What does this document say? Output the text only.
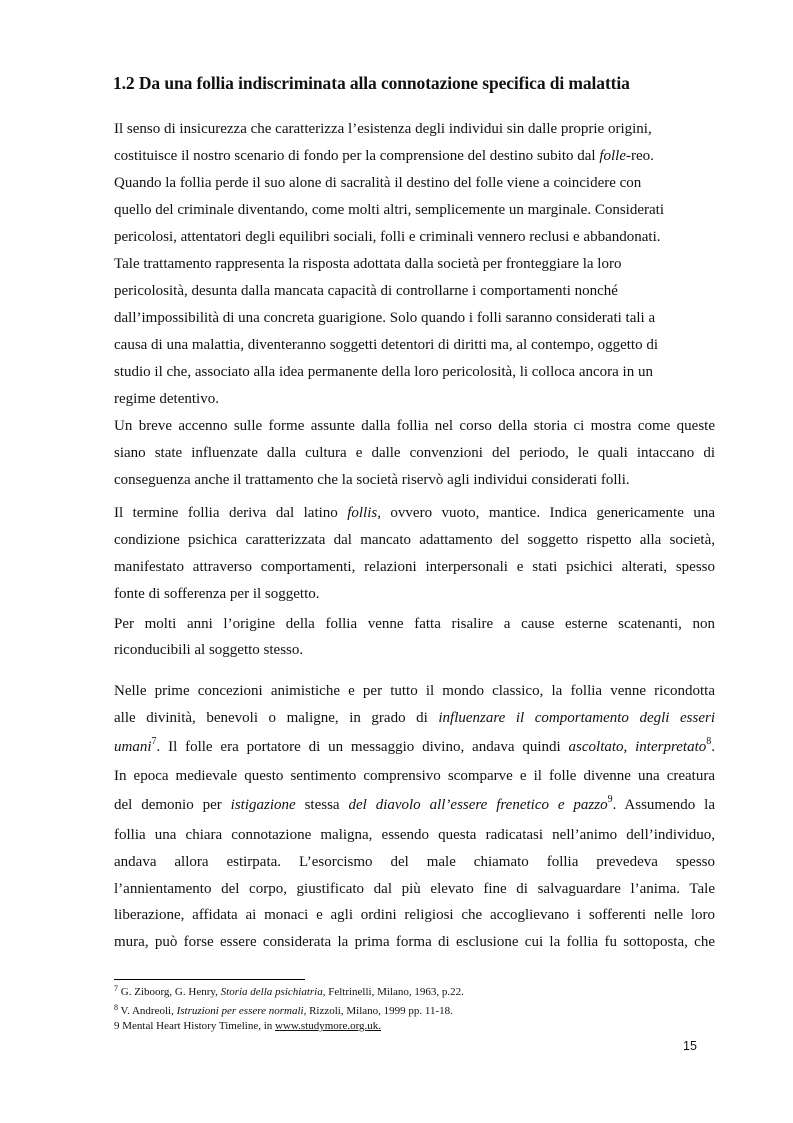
1.2 Da una follia indiscriminata alla connotazione specifica di malattia
Il senso di insicurezza che caratterizza l’esistenza degli individui sin dalle proprie origini,
costituisce il nostro scenario di fondo per la comprensione del destino subito dal folle-reo.
Quando la follia perde il suo alone di sacralità il destino del folle viene a coincidere con
quello del criminale diventando, come molti altri, semplicemente un marginale. Considerati
pericolosi, attentatori degli equilibri sociali, folli e criminali vennero reclusi e abbandonati.
Tale trattamento rappresenta la risposta adottata dalla società per fronteggiare la loro
pericolosità, desunta dalla mancata capacità di controllarne i comportamenti nonché
dall’impossibilità di una concreta guarigione. Solo quando i folli saranno considerati tali a
causa di una malattia, diventeranno soggetti detentori di diritti ma, al contempo, oggetto di
studio il che, associato alla idea permanente della loro pericolosità, li colloca ancora in un
regime detentivo.
Un breve accenno sulle forme assunte dalla follia nel corso della storia ci mostra come queste
siano state influenzate dalla cultura e dalle convenzioni del periodo, le quali intaccano di
conseguenza anche il trattamento che la società riservò agli individui considerati folli.
Il termine follia deriva dal latino follis, ovvero vuoto, mantice. Indica genericamente una
condizione psichica caratterizzata dal mancato adattamento del soggetto rispetto alla società,
manifestato attraverso comportamenti, relazioni interpersonali e stati psichici alterati, spesso
fonte di sofferenza per il soggetto.
Per molti anni l’origine della follia venne fatta risalire a cause esterne scatenanti, non
riconducibili al soggetto stesso.
Nelle prime concezioni animistiche e per tutto il mondo classico, la follia venne ricondotta
alle divinità, benevoli o maligne, in grado di influenzare il comportamento degli esseri
umani$^7$. Il folle era portatore di un messaggio divino, andava quindi ascoltato, interpretato$^8$.
In epoca medievale questo sentimento comprensivo scomparve e il folle divenne una creatura
del demonio per istigazione stessa del diavolo all’essere frenetico e pazzo$^9$. Assumendo la
follia una chiara connotazione maligna, essendo questa radicatasi nell’animo dell’individuo,
andava allora estirpata. L’esorcismo del male chiamato follia prevedeva spesso
l’annientamento del corpo, giustificato dal più elevato fine di salvaguardare l’anima. Tale
liberazione, affidata ai monaci e agli ordini religiosi che accoglievano i sofferenti nelle loro
mura, può forse essere considerata la prima forma di esclusione cui la follia fu sottoposta, che
$^7$ G. Ziboorg, G. Henry, Storia della psichiatria, Feltrinelli, Milano, 1963, p.22.
$^8$ V. Andreoli, Istruzioni per essere normali, Rizzoli, Milano, 1999 pp. 11-18.
9 Mental Heart History Timeline, in www.studymore.org.uk.
15
